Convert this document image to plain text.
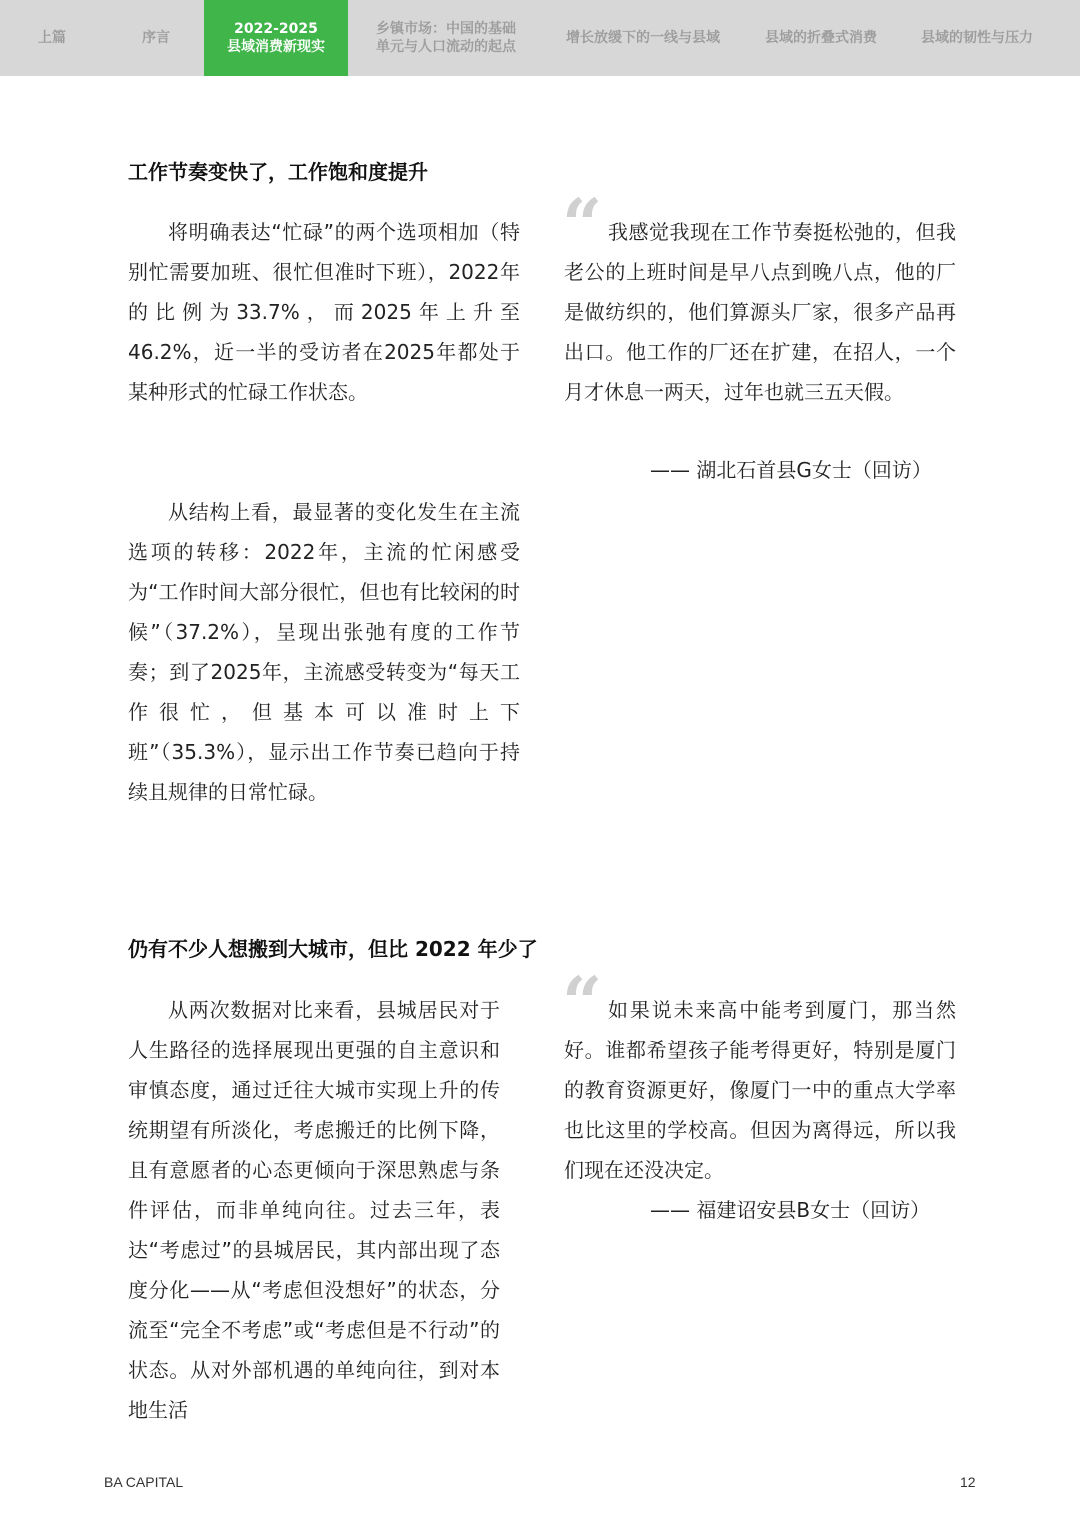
上篇	序言
2022-2025
县域消费新现实
乡镇市场：中国的基础
单元与人口流动的起点
增长放缓下的一线与县域	县域的折叠式消费	县域的韧性与压力
工作节奏变快了，工作饱和度提升

将明确表达“忙碌”的两个选项相加（特别忙需要加班、很忙但准时下班），2022年的比例为33.7%，而2025年上升至46.2%，近一半的受访者在2025年都处于某种形式的忙碌工作状态。

从结构上看，最显著的变化发生在主流选项的转移：2022年，主流的忙闲感受为“工作时间大部分很忙，但也有比较闲的时候”（37.2%），呈现出张弛有度的工作节奏；到了2025年，主流感受转变为“每天工作很忙，但基本可以准时上下班”（35.3%），显示出工作节奏已趋向于持续且规律的日常忙碌。

“ 我感觉我现在工作节奏挺松弛的，但我老公的上班时间是早八点到晚八点，他的厂是做纺织的，他们算源头厂家，很多产品再出口。他工作的厂还在扩建，在招人，一个月才休息一两天，过年也就三五天假。

—— 湖北石首县G女士（回访）
仍有不少人想搬到大城市，但比 2022 年少了

从两次数据对比来看，县城居民对于人生路径的选择展现出更强的自主意识和审慎态度，通过迁往大城市实现上升的传统期望有所淡化，考虑搬迁的比例下降，且有意愿者的心态更倾向于深思熟虑与条件评估，而非单纯向往。过去三年，表达“考虑过”的县城居民，其内部出现了态度分化——从“考虑但没想好”的状态，分流至“完全不考虑”或“考虑但是不行动”的状态。从对外部机遇的单纯向往，到对本地生活

“ 如果说未来高中能考到厦门，那当然好。谁都希望孩子能考得更好，特别是厦门的教育资源更好，像厦门一中的重点大学率也比这里的学校高。但因为离得远，所以我们现在还没决定。

—— 福建诏安县B女士（回访）
BA CAPITAL	12
